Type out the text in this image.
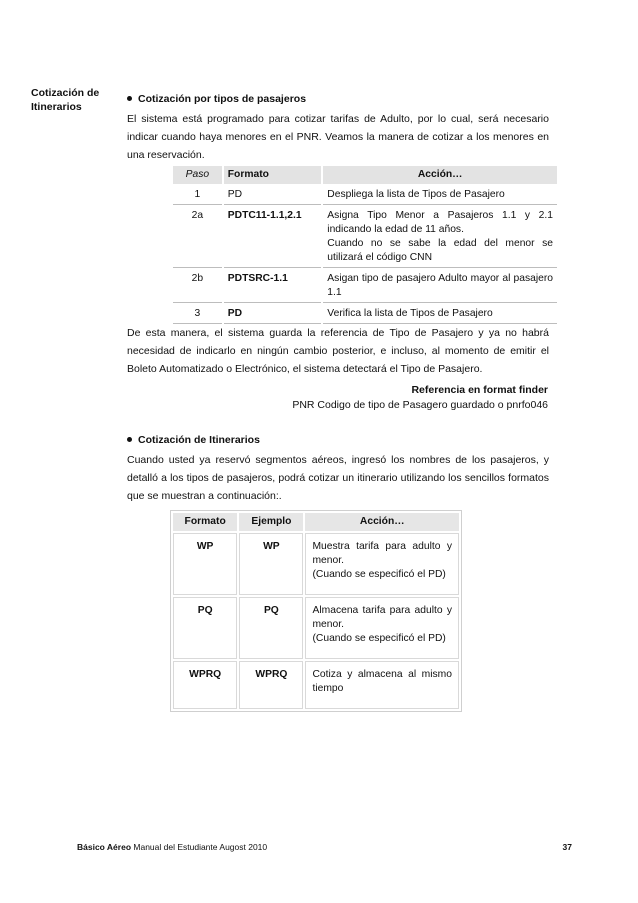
Cotización de
Itinerarios
Cotización por tipos de pasajeros
El sistema está programado para cotizar tarifas de Adulto, por lo cual, será necesario indicar cuando haya menores en el PNR. Veamos la manera de cotizar a los menores en una reservación.
Paso	Formato	Acción…
1	PD	Despliega la lista de Tipos de Pasajero
2a	PDTC11-1.1,2.1	Asigna Tipo Menor a Pasajeros 1.1 y 2.1 indicando la edad de 11 años.
Cuando no se sabe la edad del menor se utilizará el código CNN

2b	PDTSRC-1.1	Asigan tipo de pasajero Adulto mayor al pasajero 1.1
3	PD	Verifica la lista de Tipos de Pasajero
De esta manera, el sistema guarda la referencia de Tipo de Pasajero y ya no habrá necesidad de indicarlo en ningún cambio posterior, e incluso, al momento de emitir el Boleto Automatizado o Electrónico, el sistema detectará el Tipo de Pasajero.
Referencia en format finder
PNR Codigo de tipo de Pasagero guardado o pnrfo046
Cotización de Itinerarios
Cuando usted ya reservó segmentos aéreos, ingresó los nombres de los pasajeros, y detalló a los tipos de pasajeros, podrá cotizar un itinerario utilizando los sencillos formatos que se muestran a continuación:.
Formato	Ejemplo	Acción…
WP	WP	Muestra tarifa para adulto y menor.
(Cuando se especificó el PD)

PQ	PQ	Almacena tarifa para adulto y menor.
(Cuando se especificó el PD)

WPRQ	WPRQ	Cotiza y almacena al mismo tiempo
Básico Aéreo Manual del Estudiante Augost 2010	37
